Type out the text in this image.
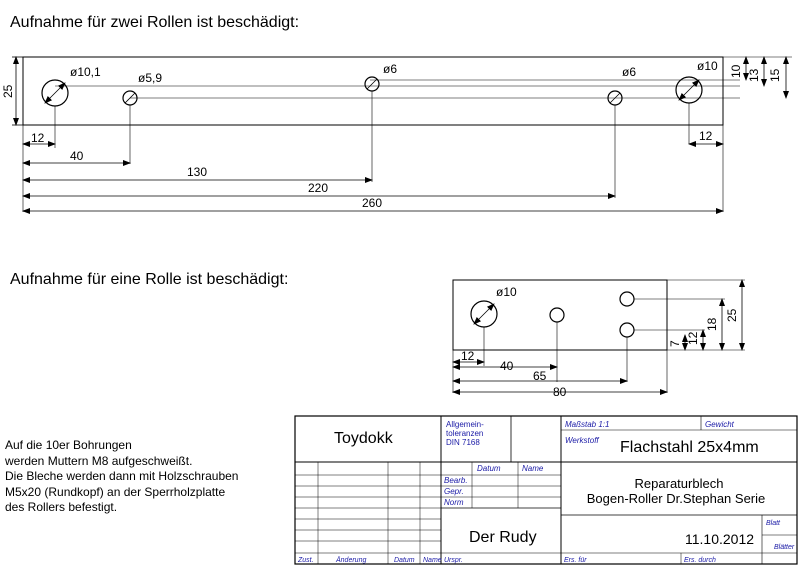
Aufnahme für zwei Rollen ist beschädigt:
ø10,1	ø5,9
ø6	ø6	ø10
25
12
40
130
220
260
12
10 13 15
Aufnahme für eine Rolle ist beschädigt:
ø10
12
40
65
80
7 12
18
25
Toydokk
Allgemein-
toleranzen
DIN 7168
Maßstab 1:1	Gewicht
Werkstoff Flachstahl 25x4mm
Datum	Name
Bearb.
Gepr.
Norm
Reparaturblech
Bogen-Roller Dr.Stephan Serie
Der Rudy	11.10.2012
Blatt
Blätter
Zust.	Änderung	Datum Name Urspr.	Ers. für	Ers. durch
Auf die 10er Bohrungen
werden Muttern M8 aufgeschweißt.
Die Bleche werden dann mit Holzschrauben
M5x20 (Rundkopf) an der Sperrholzplatte
des Rollers befestigt.
